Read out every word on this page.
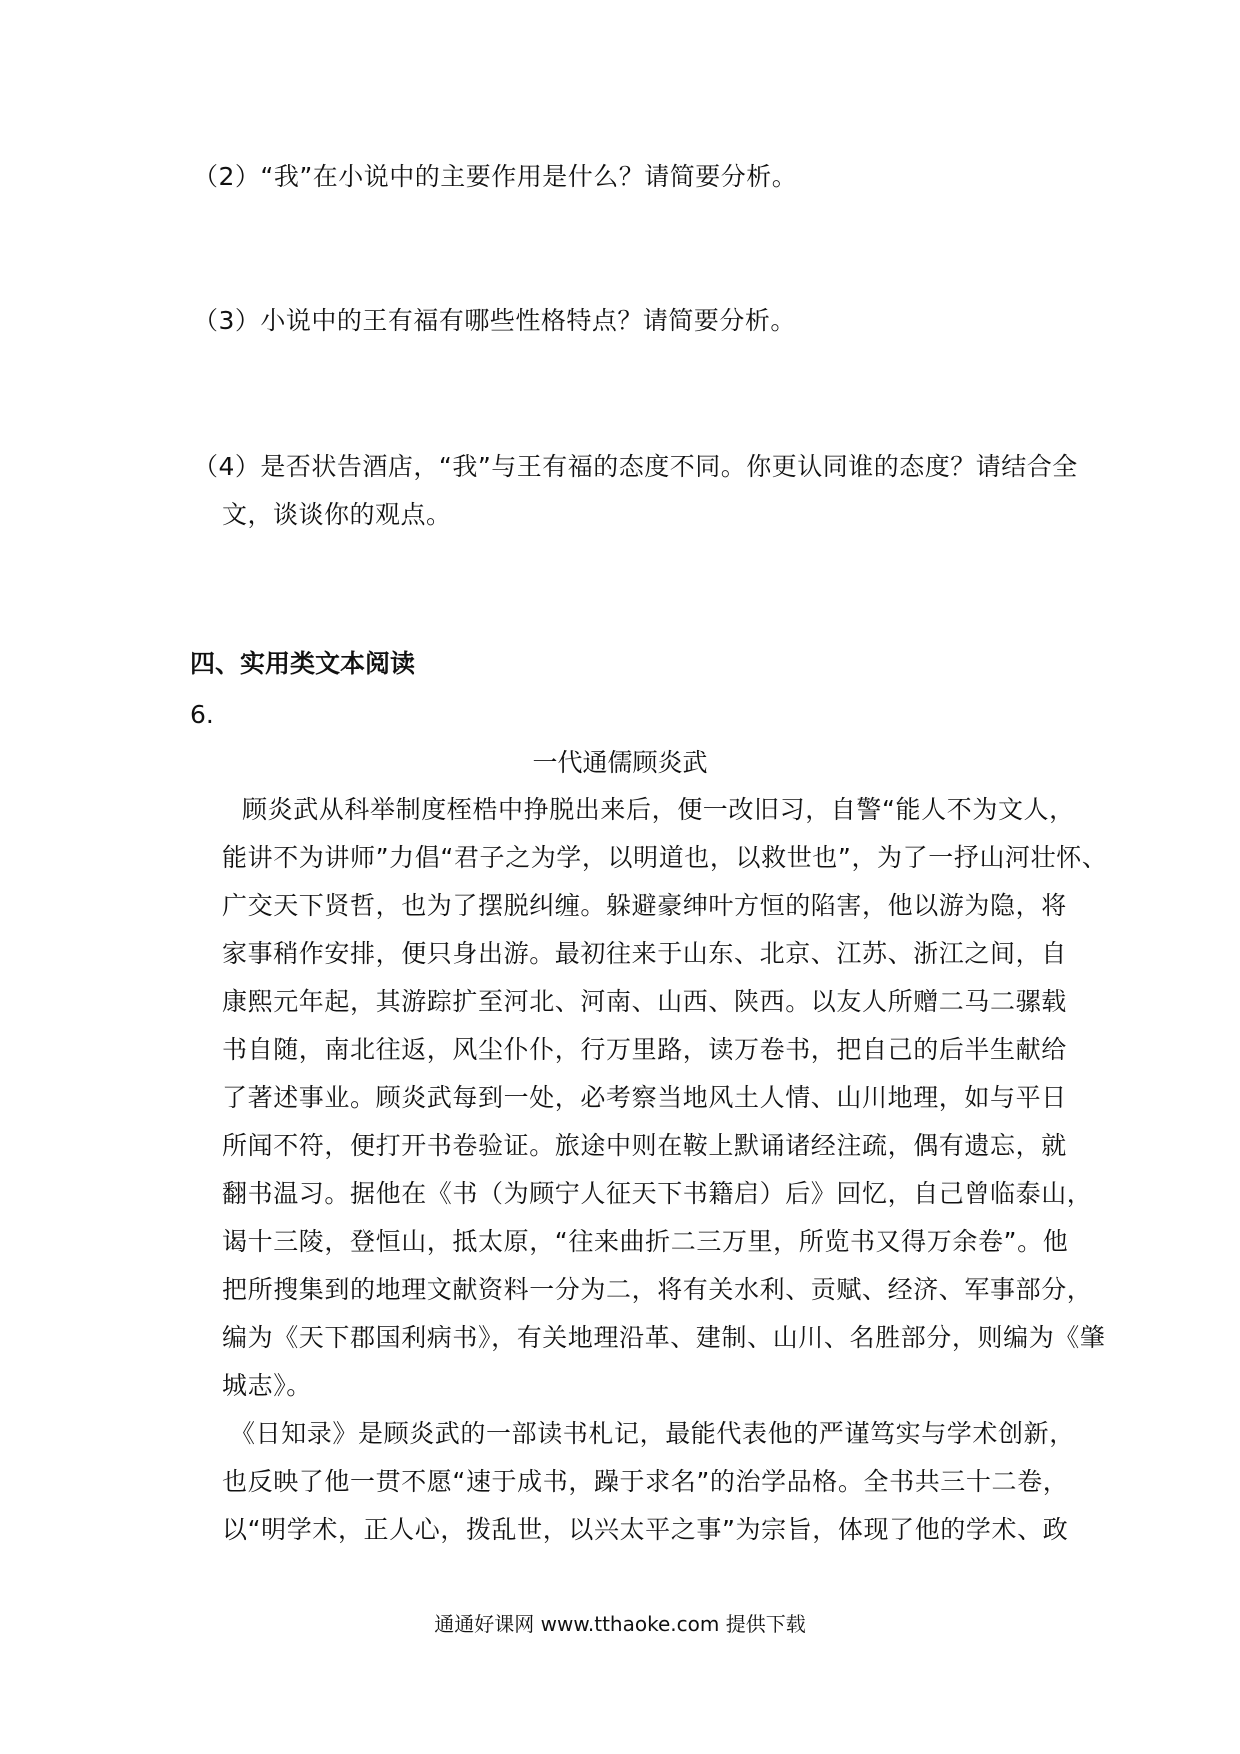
（2）“我”在小说中的主要作用是什么？请简要分析。
（3）小说中的王有福有哪些性格特点？请简要分析。
（4）是否状告酒店，“我”与王有福的态度不同。你更认同谁的态度？请结合全
文，谈谈你的观点。
四、实用类文本阅读
6.
一代通儒顾炎武
顾炎武从科举制度桎梏中挣脱出来后，便一改旧习，自警“能人不为文人，
能讲不为讲师”力倡“君子之为学，以明道也，以救世也”，为了一抒山河壮怀、
广交天下贤哲，也为了摆脱纠缠。躲避豪绅叶方恒的陷害，他以游为隐，将
家事稍作安排，便只身出游。最初往来于山东、北京、江苏、浙江之间，自
康熙元年起，其游踪扩至河北、河南、山西、陕西。以友人所赠二马二骡载
书自随，南北往返，风尘仆仆，行万里路，读万卷书，把自己的后半生献给
了著述事业。顾炎武每到一处，必考察当地风土人情、山川地理，如与平日
所闻不符，便打开书卷验证。旅途中则在鞍上默诵诸经注疏，偶有遗忘，就
翻书温习。据他在《书（为顾宁人征天下书籍启）后》回忆，自己曾临泰山，
谒十三陵，登恒山，抵太原，“往来曲折二三万里，所览书又得万余卷”。他
把所搜集到的地理文献资料一分为二，将有关水利、贡赋、经济、军事部分，
编为《天下郡国利病书》，有关地理沿革、建制、山川、名胜部分，则编为《肇
城志》。
《日知录》是顾炎武的一部读书札记，最能代表他的严谨笃实与学术创新，
也反映了他一贯不愿“速于成书，躁于求名”的治学品格。全书共三十二卷，
以“明学术，正人心，拨乱世，以兴太平之事”为宗旨，体现了他的学术、政
通通好课网 www.tthaoke.com 提供下载
